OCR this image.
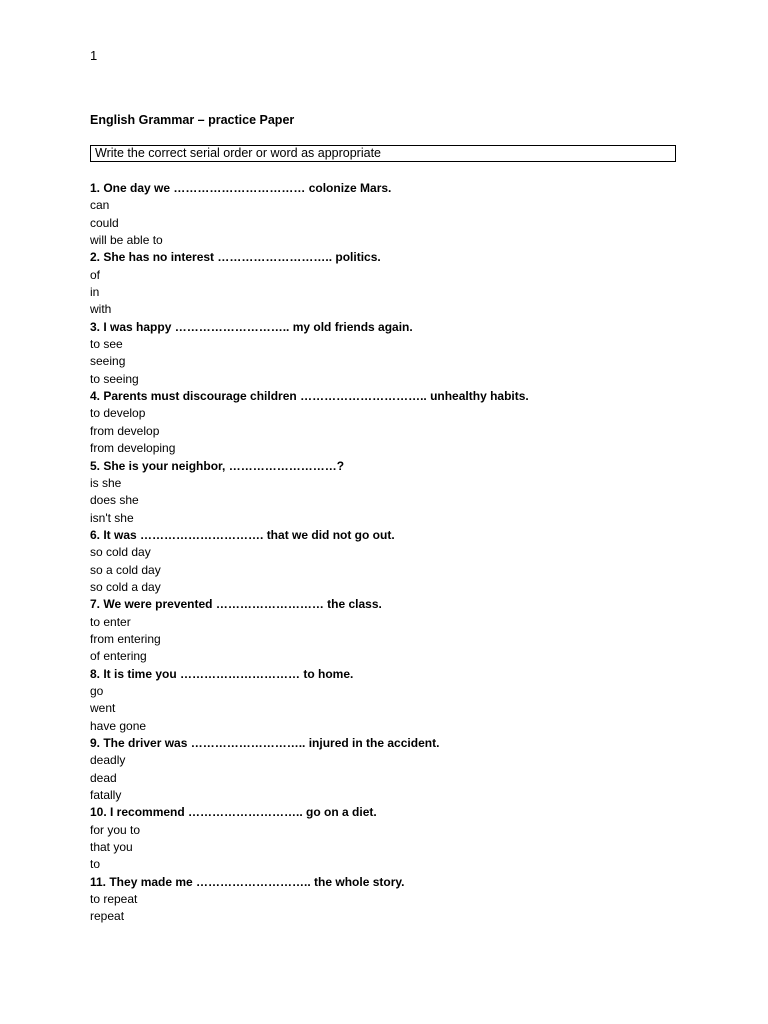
1
English Grammar – practice Paper
Write the correct serial order or word as appropriate
1. One day we …………………………… colonize Mars.
can
could
will be able to
2. She has no interest ……………………….. politics.
of
in
with
3. I was happy ……………………….. my old friends again.
to see
seeing
to seeing
4. Parents must discourage children ………………………….. unhealthy habits.
to develop
from develop
from developing
5. She is your neighbor, ………………………?
is she
does she
isn't she
6. It was …………………………. that we did not go out.
so cold day
so a cold day
so cold a day
7. We were prevented ……………………… the class.
to enter
from entering
of entering
8. It is time you ………………………… to home.
go
went
have gone
9. The driver was ……………………….. injured in the accident.
deadly
dead
fatally
10. I recommend ……………………….. go on a diet.
for you to
that you
to
11. They made me ……………………….. the whole story.
to repeat
repeat
